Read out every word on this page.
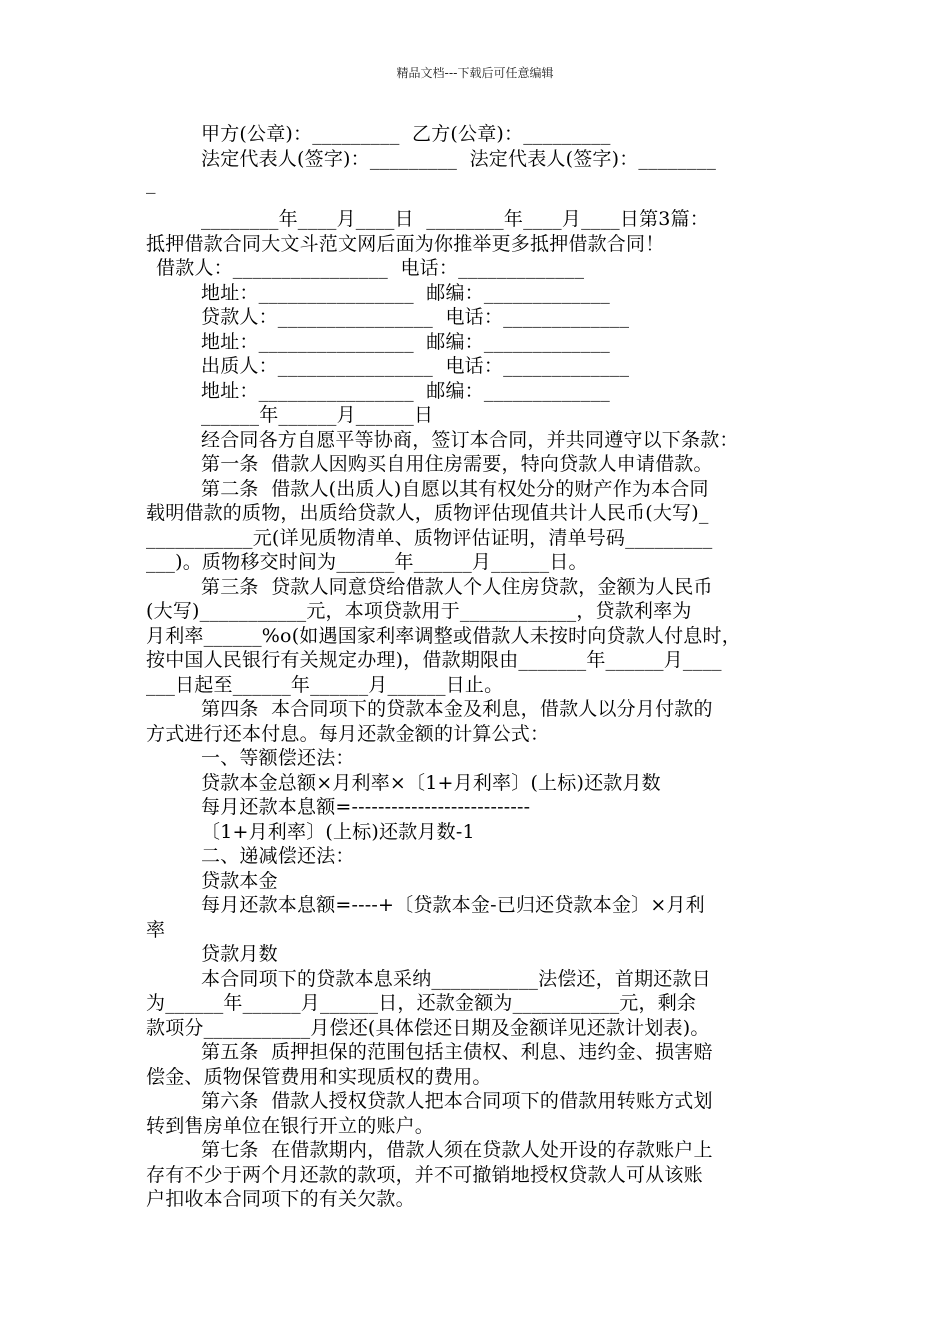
精品文档---下载后可任意编辑
甲方(公章)：_________  乙方(公章)：_________
法定代表人(签字)：_________  法定代表人(签字)：________
_
________年____月____日  ________年____月____日第3篇：
抵押借款合同大文斗范文网后面为你推举更多抵押借款合同！
借款人：________________  电话：_____________
地址：________________  邮编：_____________
贷款人：________________  电话：_____________
地址：________________  邮编：_____________
出质人：________________  电话：_____________
地址：________________  邮编：_____________
______年______月______日
经合同各方自愿平等协商，签订本合同，并共同遵守以下条款：
第一条  借款人因购买自用住房需要，特向贷款人申请借款。
第二条  借款人(出质人)自愿以其有权处分的财产作为本合同
载明借款的质物，出质给贷款人，质物评估现值共计人民币(大写)_
___________元(详见质物清单、质物评估证明，清单号码_________
___)。质物移交时间为______年______月______日。
第三条  贷款人同意贷给借款人个人住房贷款，金额为人民币
(大写)___________元，本项贷款用于____________，贷款利率为
月利率______%o(如遇国家利率调整或借款人未按时向贷款人付息时，
按中国人民银行有关规定办理)，借款期限由_______年______月____
___日起至______年______月______日止。
第四条  本合同项下的贷款本金及利息，借款人以分月付款的
方式进行还本付息。每月还款金额的计算公式：
一、等额偿还法：
贷款本金总额×月利率×〔1+月利率〕(上标)还款月数
每月还款本息额=---------------------------
〔1+月利率〕(上标)还款月数-1
二、递减偿还法：
贷款本金
每月还款本息额=----+〔贷款本金-已归还贷款本金〕×月利
率
贷款月数
本合同项下的贷款本息采纳___________法偿还，首期还款日
为______年______月______日，还款金额为___________元，剩余
款项分___________月偿还(具体偿还日期及金额详见还款计划表)。
第五条  质押担保的范围包括主债权、利息、违约金、损害赔
偿金、质物保管费用和实现质权的费用。
第六条  借款人授权贷款人把本合同项下的借款用转账方式划
转到售房单位在银行开立的账户。
第七条  在借款期内，借款人须在贷款人处开设的存款账户上
存有不少于两个月还款的款项，并不可撤销地授权贷款人可从该账
户扣收本合同项下的有关欠款。
